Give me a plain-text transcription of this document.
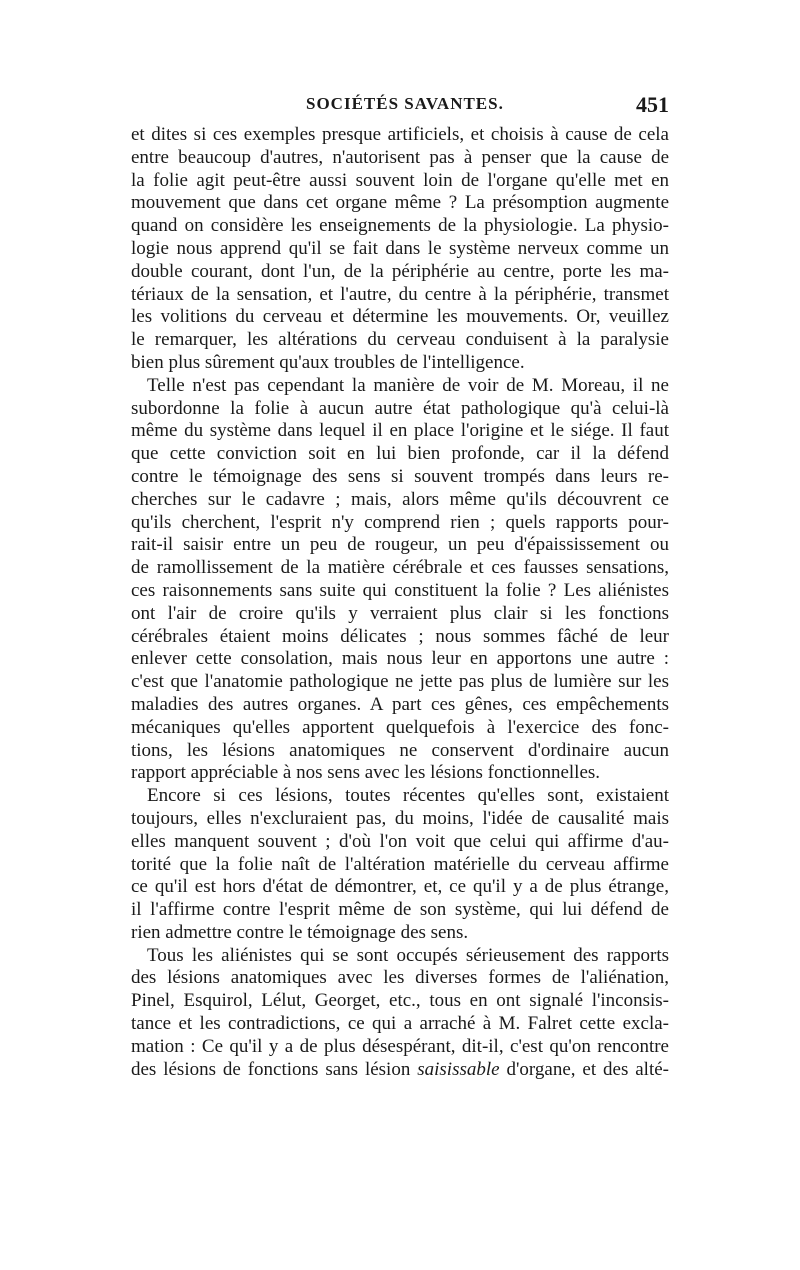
SOCIÉTÉS SAVANTES.	451
et dites si ces exemples presque artificiels, et choisis à cause de cela
entre beaucoup d'autres, n'autorisent pas à penser que la cause de
la folie agit peut-être aussi souvent loin de l'organe qu'elle met en
mouvement que dans cet organe même ? La présomption augmente
quand on considère les enseignements de la physiologie. La physio-
logie nous apprend qu'il se fait dans le système nerveux comme un
double courant, dont l'un, de la périphérie au centre, porte les ma-
tériaux de la sensation, et l'autre, du centre à la périphérie, transmet
les volitions du cerveau et détermine les mouvements. Or, veuillez
le remarquer, les altérations du cerveau conduisent à la paralysie
bien plus sûrement qu'aux troubles de l'intelligence.
Telle n'est pas cependant la manière de voir de M. Moreau, il ne
subordonne la folie à aucun autre état pathologique qu'à celui-là
même du système dans lequel il en place l'origine et le siége. Il faut
que cette conviction soit en lui bien profonde, car il la défend
contre le témoignage des sens si souvent trompés dans leurs re-
cherches sur le cadavre ; mais, alors même qu'ils découvrent ce
qu'ils cherchent, l'esprit n'y comprend rien ; quels rapports pour-
rait-il saisir entre un peu de rougeur, un peu d'épaississement ou
de ramollissement de la matière cérébrale et ces fausses sensations,
ces raisonnements sans suite qui constituent la folie ? Les aliénistes
ont l'air de croire qu'ils y verraient plus clair si les fonctions
cérébrales étaient moins délicates ; nous sommes fâché de leur
enlever cette consolation, mais nous leur en apportons une autre :
c'est que l'anatomie pathologique ne jette pas plus de lumière sur les
maladies des autres organes. A part ces gênes, ces empêchements
mécaniques qu'elles apportent quelquefois à l'exercice des fonc-
tions, les lésions anatomiques ne conservent d'ordinaire aucun
rapport appréciable à nos sens avec les lésions fonctionnelles.
Encore si ces lésions, toutes récentes qu'elles sont, existaient
toujours, elles n'excluraient pas, du moins, l'idée de causalité mais
elles manquent souvent ; d'où l'on voit que celui qui affirme d'au-
torité que la folie naît de l'altération matérielle du cerveau affirme
ce qu'il est hors d'état de démontrer, et, ce qu'il y a de plus étrange,
il l'affirme contre l'esprit même de son système, qui lui défend de
rien admettre contre le témoignage des sens.
Tous les aliénistes qui se sont occupés sérieusement des rapports
des lésions anatomiques avec les diverses formes de l'aliénation,
Pinel, Esquirol, Lélut, Georget, etc., tous en ont signalé l'inconsis-
tance et les contradictions, ce qui a arraché à M. Falret cette excla-
mation : Ce qu'il y a de plus désespérant, dit-il, c'est qu'on rencontre
des lésions de fonctions sans lésion saisissable d'organe, et des alté-
